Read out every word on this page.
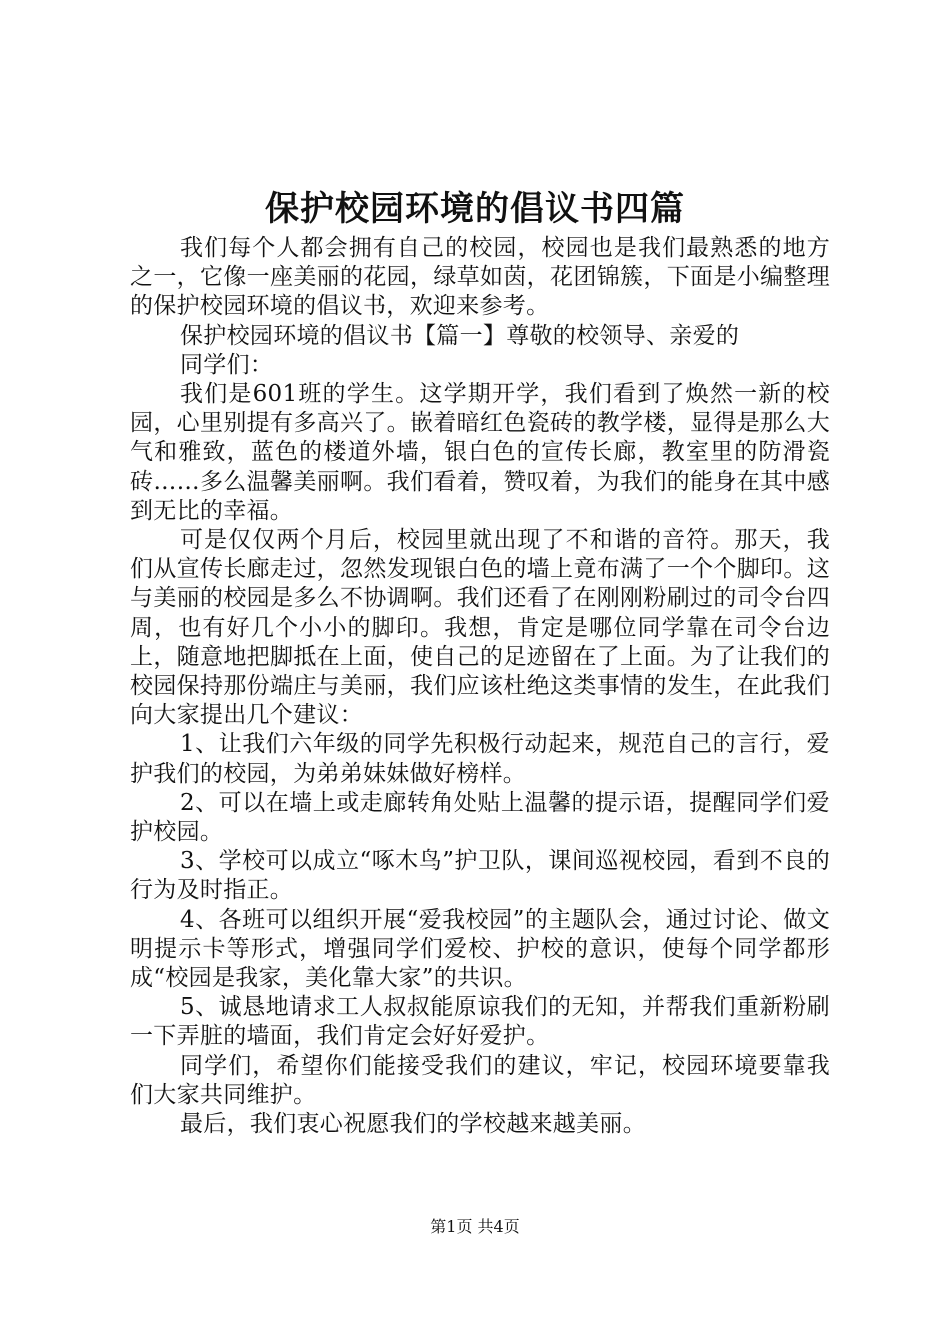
保护校园环境的倡议书四篇

我们每个人都会拥有自己的校园，校园也是我们最熟悉的地方之一，它像一座美丽的花园，绿草如茵，花团锦簇，下面是小编整理的保护校园环境的倡议书，欢迎来参考。

保护校园环境的倡议书【篇一】尊敬的校领导、亲爱的

同学们：

我们是601班的学生。这学期开学，我们看到了焕然一新的校园，心里别提有多高兴了。嵌着暗红色瓷砖的教学楼，显得是那么大气和雅致，蓝色的楼道外墙，银白色的宣传长廊，教室里的防滑瓷砖……多么温馨美丽啊。我们看着，赞叹着，为我们的能身在其中感到无比的幸福。

可是仅仅两个月后，校园里就出现了不和谐的音符。那天，我们从宣传长廊走过，忽然发现银白色的墙上竟布满了一个个脚印。这与美丽的校园是多么不协调啊。我们还看了在刚刚粉刷过的司令台四周，也有好几个小小的脚印。我想，肯定是哪位同学靠在司令台边上，随意地把脚抵在上面，使自己的足迹留在了上面。为了让我们的校园保持那份端庄与美丽，我们应该杜绝这类事情的发生，在此我们向大家提出几个建议：

1、让我们六年级的同学先积极行动起来，规范自己的言行，爱护我们的校园，为弟弟妹妹做好榜样。

2、可以在墙上或走廊转角处贴上温馨的提示语，提醒同学们爱护校园。

3、学校可以成立“啄木鸟”护卫队，课间巡视校园，看到不良的行为及时指正。

4、各班可以组织开展“爱我校园”的主题队会，通过讨论、做文明提示卡等形式，增强同学们爱校、护校的意识，使每个同学都形成“校园是我家，美化靠大家”的共识。

5、诚恳地请求工人叔叔能原谅我们的无知，并帮我们重新粉刷一下弄脏的墙面，我们肯定会好好爱护。

同学们，希望你们能接受我们的建议，牢记，校园环境要靠我们大家共同维护。

最后，我们衷心祝愿我们的学校越来越美丽。

第1页 共4页
